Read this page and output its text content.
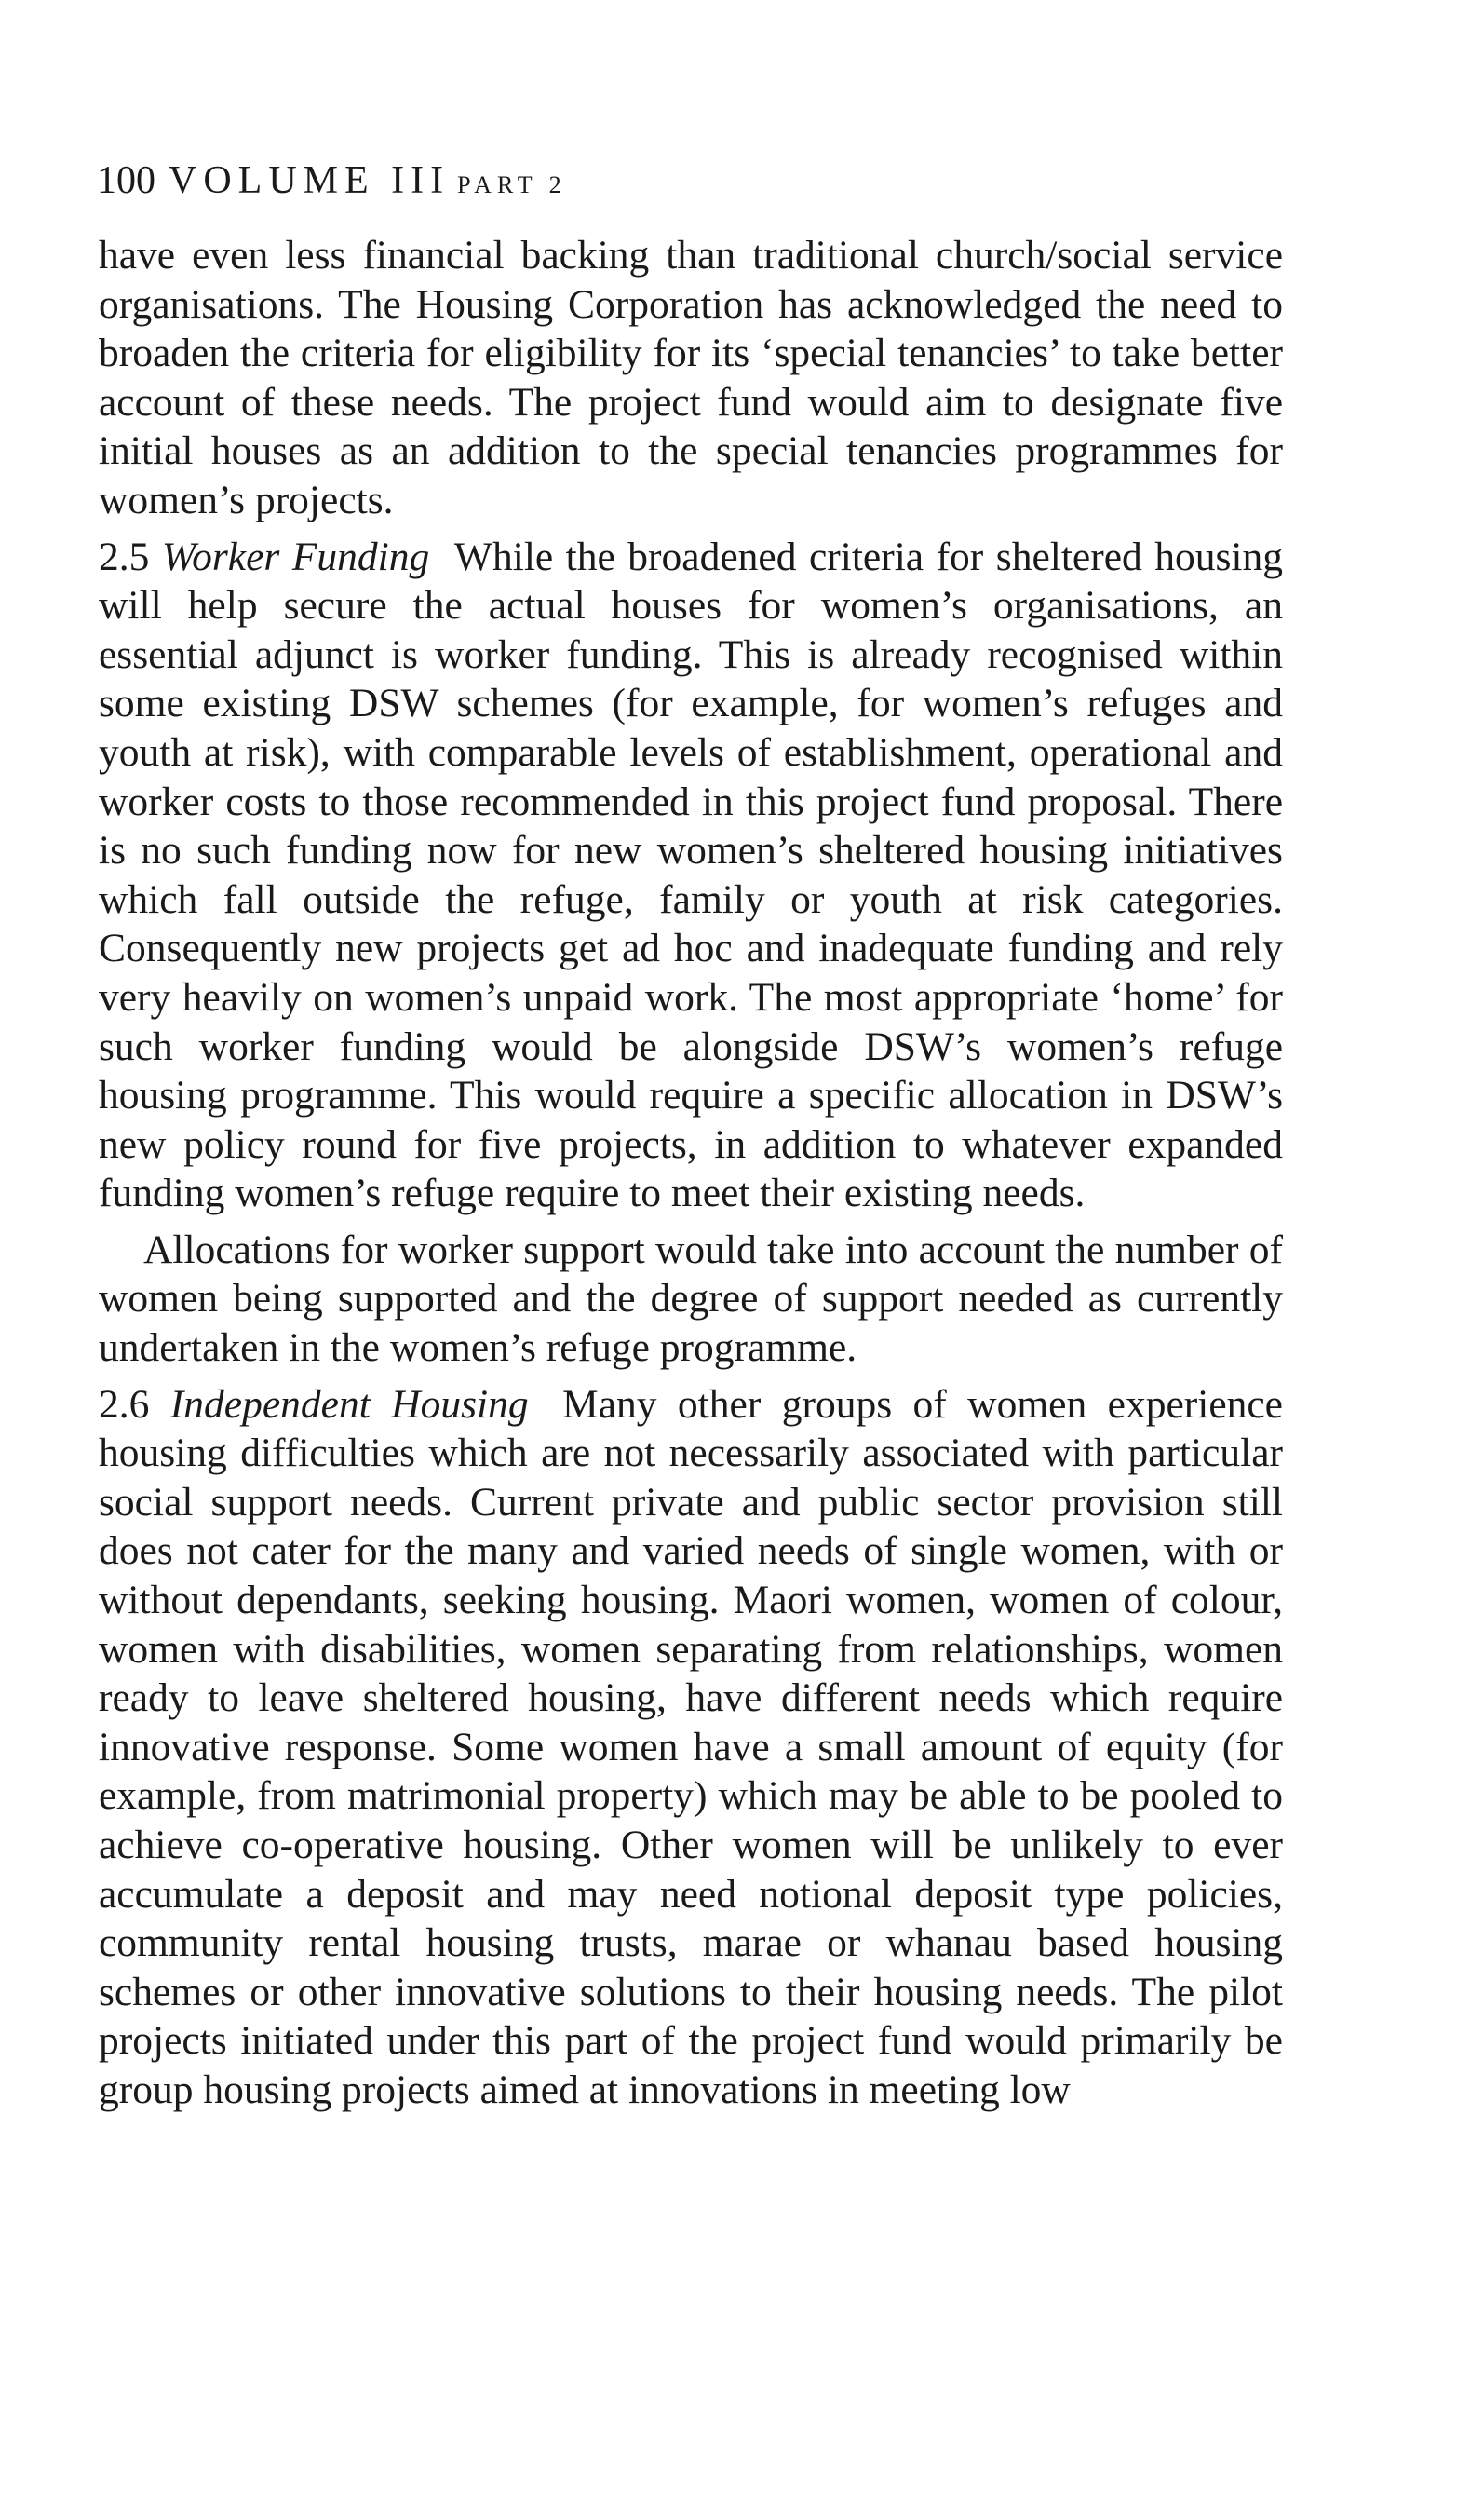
100 VOLUME III PART 2

have even less financial backing than traditional church/social service organisations. The Housing Corporation has acknowledged the need to broaden the criteria for eligibility for its ‘special tenancies’ to take better account of these needs. The project fund would aim to designate five initial houses as an addition to the special tenancies programmes for women’s projects.

2.5 Worker Funding While the broadened criteria for sheltered housing will help secure the actual houses for women’s organisations, an essential adjunct is worker funding. This is already recognised within some existing DSW schemes (for example, for women’s refuges and youth at risk), with comparable levels of establishment, operational and worker costs to those recommended in this project fund proposal. There is no such funding now for new women’s sheltered housing initiatives which fall outside the refuge, family or youth at risk categories. Consequently new projects get ad hoc and inadequate funding and rely very heavily on women’s unpaid work. The most appropriate ‘home’ for such worker funding would be alongside DSW’s women’s refuge housing programme. This would require a specific allocation in DSW’s new policy round for five projects, in addition to whatever expanded funding women’s refuge require to meet their existing needs.

Allocations for worker support would take into account the number of women being supported and the degree of support needed as currently undertaken in the women’s refuge programme.

2.6 Independent Housing Many other groups of women experience housing difficulties which are not necessarily associated with particular social support needs. Current private and public sector provision still does not cater for the many and varied needs of single women, with or without dependants, seeking housing. Maori women, women of colour, women with disabilities, women separating from relationships, women ready to leave sheltered housing, have different needs which require innovative response. Some women have a small amount of equity (for example, from matrimonial property) which may be able to be pooled to achieve co-operative housing. Other women will be unlikely to ever accumulate a deposit and may need notional deposit type policies, community rental housing trusts, marae or whanau based housing schemes or other innovative solutions to their housing needs. The pilot projects initiated under this part of the project fund would primarily be group housing projects aimed at innovations in meeting low
